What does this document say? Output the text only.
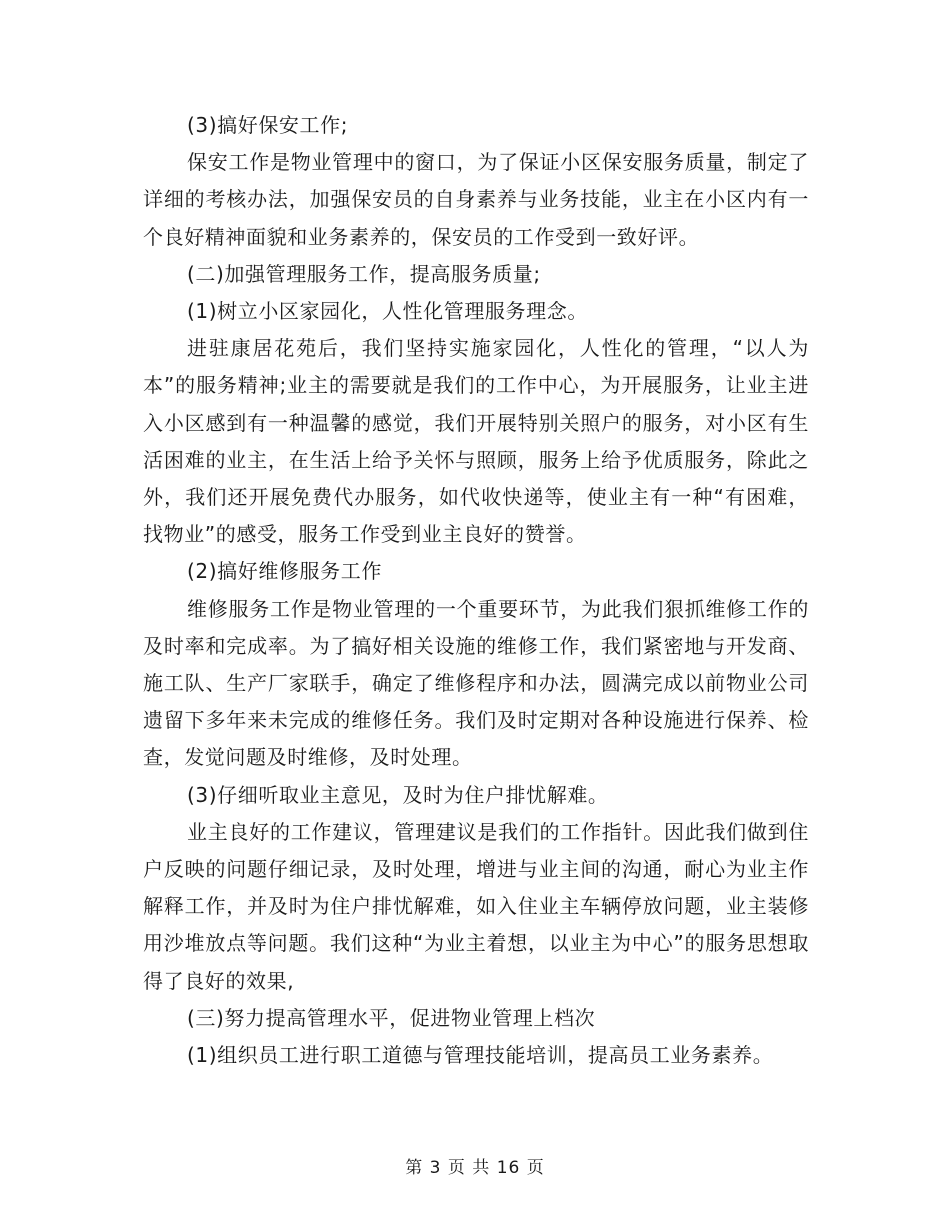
(3)搞好保安工作;

保安工作是物业管理中的窗口，为了保证小区保安服务质量，制定了详细的考核办法，加强保安员的自身素养与业务技能，业主在小区内有一个良好精神面貌和业务素养的，保安员的工作受到一致好评。

(二)加强管理服务工作，提高服务质量;

(1)树立小区家园化，人性化管理服务理念。

进驻康居花苑后，我们坚持实施家园化，人性化的管理，“以人为本”的服务精神;业主的需要就是我们的工作中心，为开展服务，让业主进入小区感到有一种温馨的感觉，我们开展特别关照户的服务，对小区有生活困难的业主，在生活上给予关怀与照顾，服务上给予优质服务，除此之外，我们还开展免费代办服务，如代收快递等，使业主有一种“有困难，找物业”的感受，服务工作受到业主良好的赞誉。

(2)搞好维修服务工作

维修服务工作是物业管理的一个重要环节，为此我们狠抓维修工作的及时率和完成率。为了搞好相关设施的维修工作，我们紧密地与开发商、施工队、生产厂家联手，确定了维修程序和办法，圆满完成以前物业公司遗留下多年来未完成的维修任务。我们及时定期对各种设施进行保养、检查，发觉问题及时维修，及时处理。

(3)仔细听取业主意见，及时为住户排忧解难。

业主良好的工作建议，管理建议是我们的工作指针。因此我们做到住户反映的问题仔细记录，及时处理，增进与业主间的沟通，耐心为业主作解释工作，并及时为住户排忧解难，如入住业主车辆停放问题，业主装修用沙堆放点等问题。我们这种“为业主着想，以业主为中心”的服务思想取得了良好的效果,

(三)努力提高管理水平，促进物业管理上档次

(1)组织员工进行职工道德与管理技能培训，提高员工业务素养。

第 3 页 共 16 页
